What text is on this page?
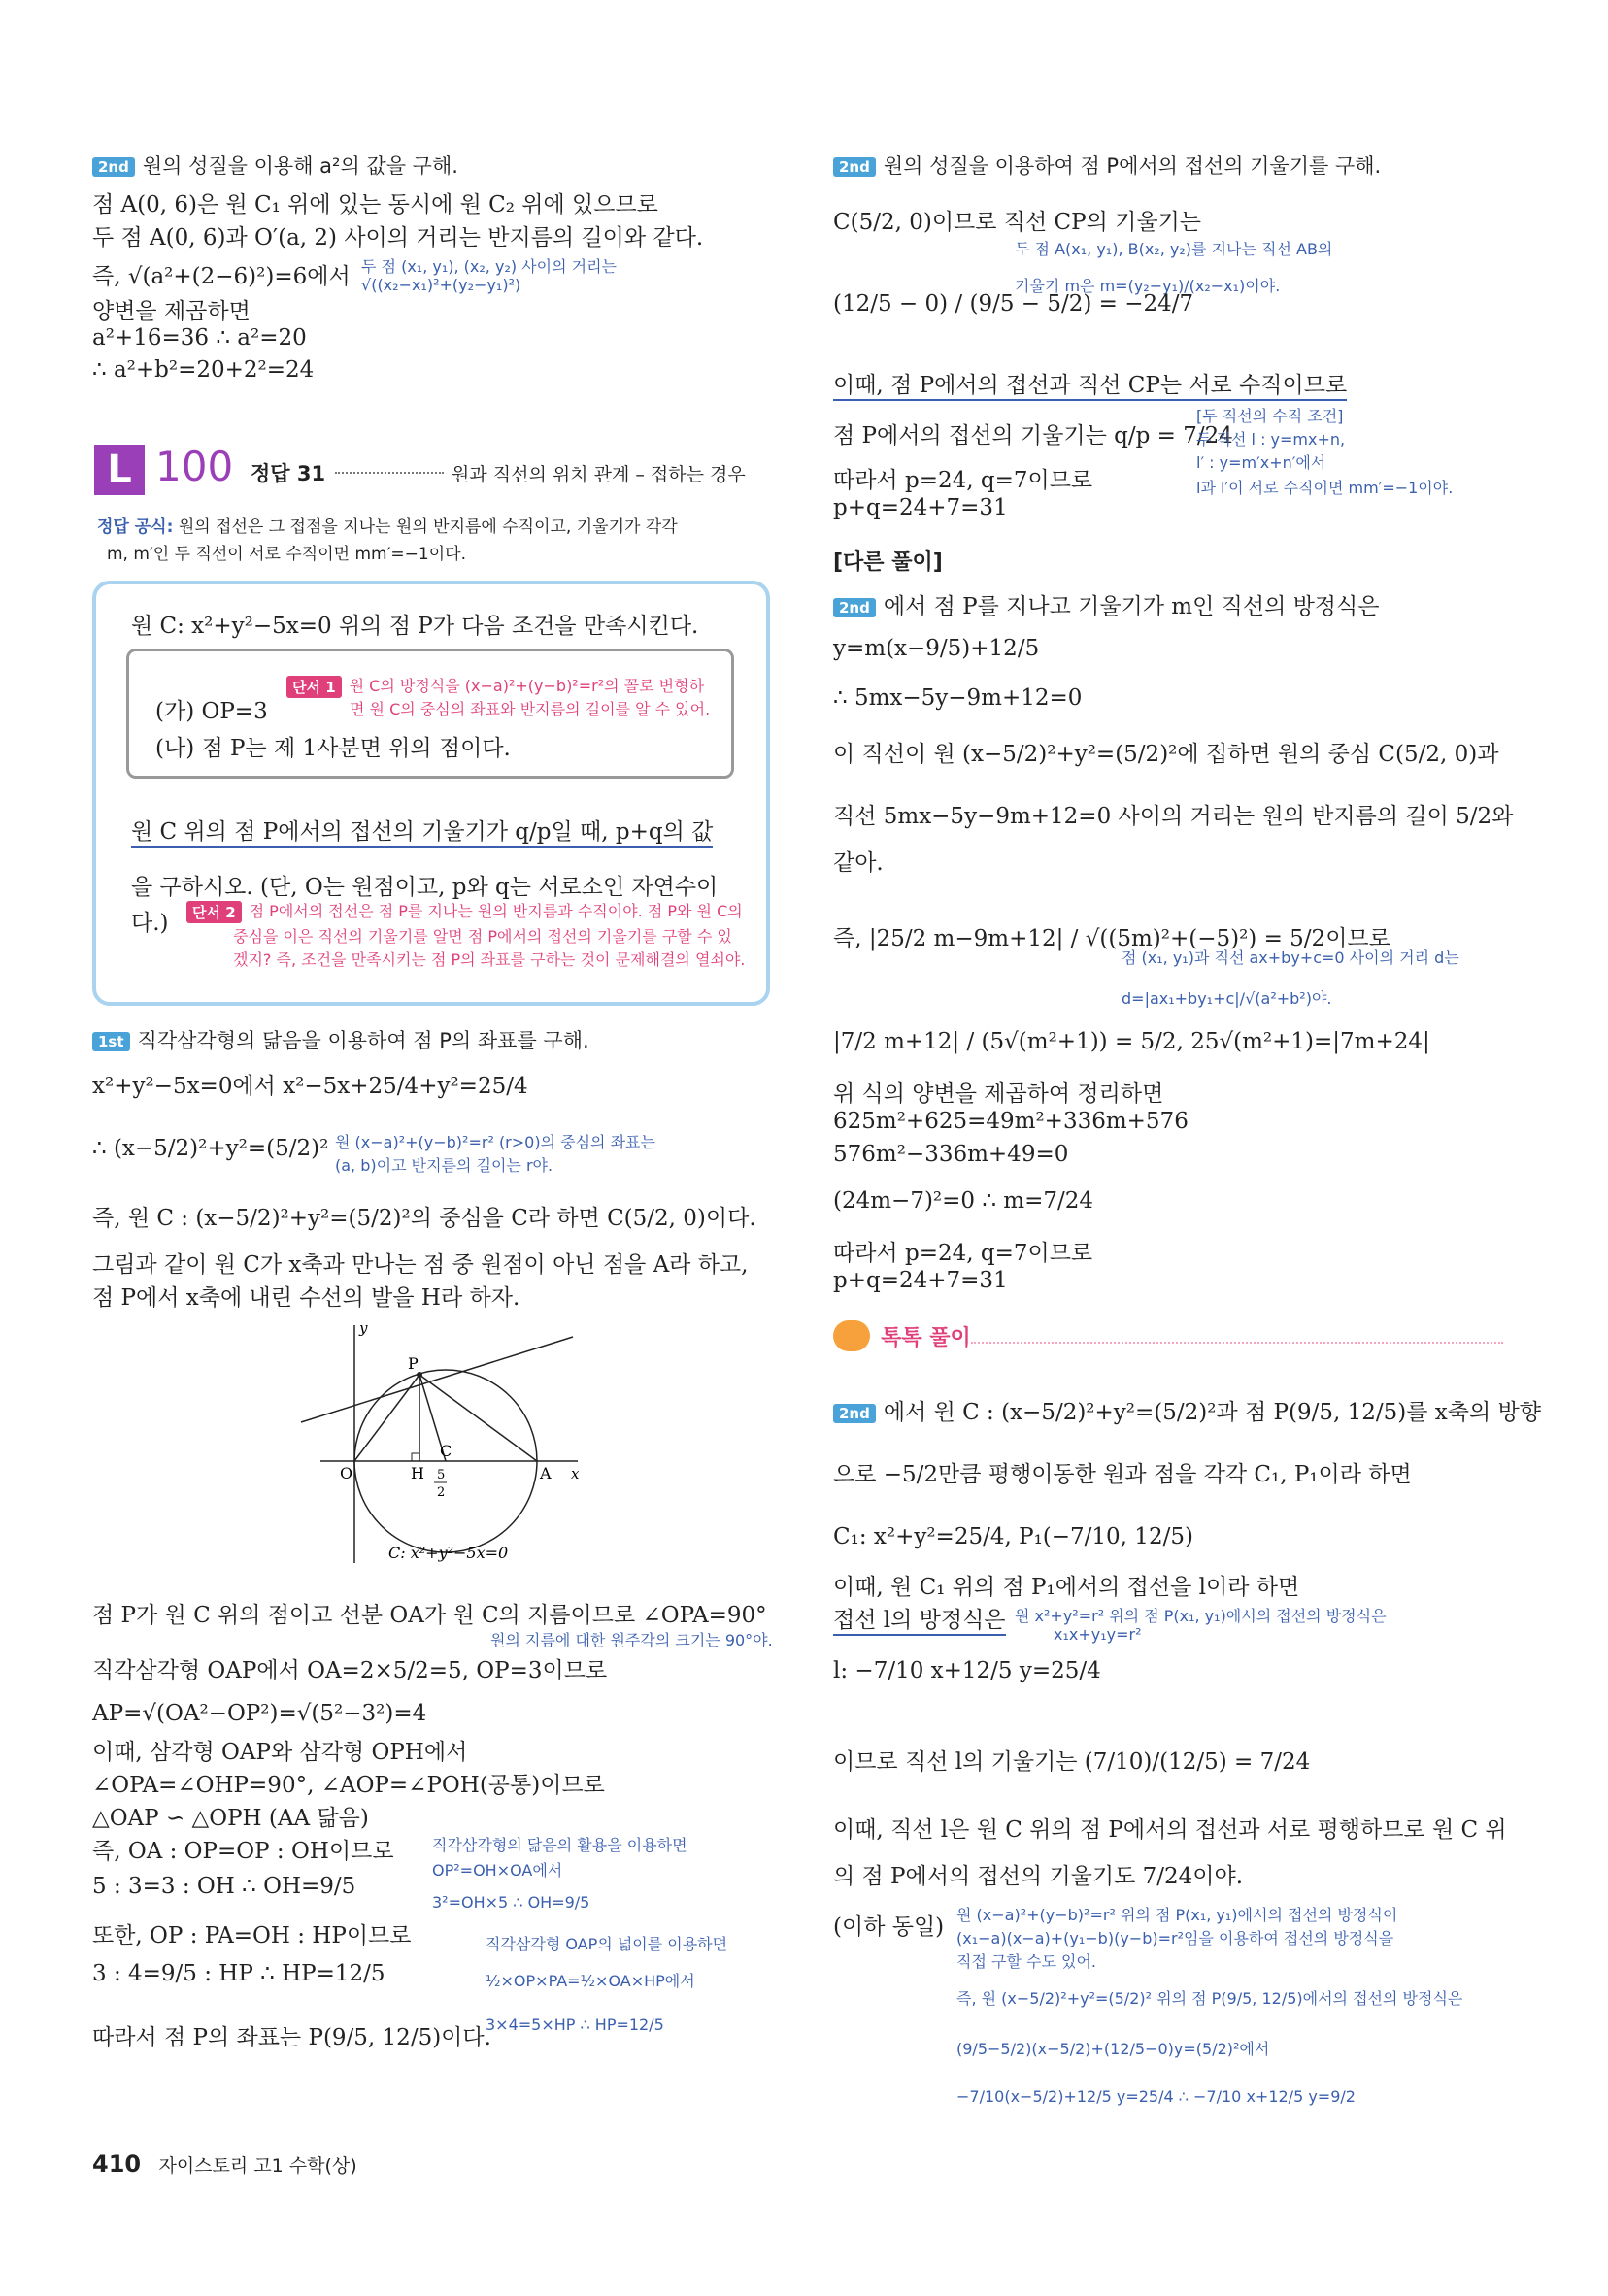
2nd 원의 성질을 이용해 a²의 값을 구해.
점 A(0, 6)은 원 C₁ 위에 있는 동시에 원 C₂ 위에 있으므로
두 점 A(0, 6)과 O′(a, 2) 사이의 거리는 반지름의 길이와 같다.
즉, √(a²+(2−6)²)=6에서 두 점 (x₁, y₁), (x₂, y₂) 사이의 거리는
√((x₂−x₁)²+(y₂−y₁)²)
양변을 제곱하면
a²+16=36 ∴ a²=20
∴ a²+b²=20+2²=24
L 100 정답 31	원과 직선의 위치 관계 – 접하는 경우
정답 공식: 원의 접선은 그 접점을 지나는 원의 반지름에 수직이고, 기울기가 각각
m, m′인 두 직선이 서로 수직이면 mm′=−1이다.
원 C: x²+y²−5x=0 위의 점 P가 다음 조건을 만족시킨다.
단서 1 원 C의 방정식을 (x−a)²+(y−b)²=r²의 꼴로 변형하
면 원 C의 중심의 좌표와 반지름의 길이를 알 수 있어.
(가) OP=3
(나) 점 P는 제 1사분면 위의 점이다.
원 C 위의 점 P에서의 접선의 기울기가 q/p일 때, p+q의 값
을 구하시오. (단, O는 원점이고, p와 q는 서로소인 자연수이
다.)	단서 2 점 P에서의 접선은 점 P를 지나는 원의 반지름과 수직이야. 점 P와 원 C의
중심을 이은 직선의 기울기를 알면 점 P에서의 접선의 기울기를 구할 수 있
겠지? 즉, 조건을 만족시키는 점 P의 좌표를 구하는 것이 문제해결의 열쇠야.
1st 직각삼각형의 닮음을 이용하여 점 P의 좌표를 구해.
x²+y²−5x=0에서 x²−5x+25/4+y²=25/4
∴ (x−5/2)²+y²=(5/2)² 원 (x−a)²+(y−b)²=r² (r>0)의 중심의 좌표는
(a, b)이고 반지름의 길이는 r야.
즉, 원 C : (x−5/2)²+y²=(5/2)²의 중심을 C라 하면 C(5/2, 0)이다.
그림과 같이 원 C가 x축과 만나는 점 중 원점이 아닌 점을 A라 하고,
점 P에서 x축에 내린 수선의 발을 H라 하자.
y
x
P
O	H
C
A
5
2
C: x²+y²−5x=0
점 P가 원 C 위의 점이고 선분 OA가 원 C의 지름이므로 ∠OPA=90°
원의 지름에 대한 원주각의 크기는 90°야.
직각삼각형 OAP에서 OA=2×5/2=5, OP=3이므로
AP=√(OA²−OP²)=√(5²−3²)=4
이때, 삼각형 OAP와 삼각형 OPH에서
∠OPA=∠OHP=90°, ∠AOP=∠POH(공통)이므로
△OAP ∽ △OPH (AA 닮음)
즉, OA : OP=OP : OH이므로 직각삼각형의 닮음의 활용을 이용하면
OP²=OH×OA에서
3²=OH×5 ∴ OH=9/5
5 : 3=3 : OH ∴ OH=9/5
또한, OP : PA=OH : HP이므로	직각삼각형 OAP의 넓이를 이용하면
½×OP×PA=½×OA×HP에서
3×4=5×HP ∴ HP=12/5
3 : 4=9/5 : HP ∴ HP=12/5
따라서 점 P의 좌표는 P(9/5, 12/5)이다.
410 자이스토리 고1 수학(상)
2nd 원의 성질을 이용하여 점 P에서의 접선의 기울기를 구해.
C(5/2, 0)이므로 직선 CP의 기울기는
두 점 A(x₁, y₁), B(x₂, y₂)를 지나는 직선 AB의
기울기 m은 m=(y₂−y₁)/(x₂−x₁)이야.
(12/5 − 0) / (9/5 − 5/2) = −24/7
이때, 점 P에서의 접선과 직선 CP는 서로 수직이므로
점 P에서의 접선의 기울기는 q/p = 7/24
[두 직선의 수직 조건]
두 직선 l : y=mx+n,
l′ : y=m′x+n′에서
l과 l′이 서로 수직이면 mm′=−1이야.
따라서 p=24, q=7이므로
p+q=24+7=31
[다른 풀이]
2nd 에서 점 P를 지나고 기울기가 m인 직선의 방정식은
y=m(x−9/5)+12/5
∴ 5mx−5y−9m+12=0
이 직선이 원 (x−5/2)²+y²=(5/2)²에 접하면 원의 중심 C(5/2, 0)과
직선 5mx−5y−9m+12=0 사이의 거리는 원의 반지름의 길이 5/2와
같아.
즉, |25/2 m−9m+12| / √((5m)²+(−5)²) = 5/2이므로
점 (x₁, y₁)과 직선 ax+by+c=0 사이의 거리 d는
d=|ax₁+by₁+c|/√(a²+b²)야.
|7/2 m+12| / (5√(m²+1)) = 5/2, 25√(m²+1)=|7m+24|
위 식의 양변을 제곱하여 정리하면
625m²+625=49m²+336m+576
576m²−336m+49=0
(24m−7)²=0 ∴ m=7/24
따라서 p=24, q=7이므로
p+q=24+7=31
톡톡 풀이
2nd 에서 원 C : (x−5/2)²+y²=(5/2)²과 점 P(9/5, 12/5)를 x축의 방향
으로 −5/2만큼 평행이동한 원과 점을 각각 C₁, P₁이라 하면
C₁: x²+y²=25/4, P₁(−7/10, 12/5)
이때, 원 C₁ 위의 점 P₁에서의 접선을 l이라 하면
접선 l의 방정식은 원 x²+y²=r² 위의 점 P(x₁, y₁)에서의 접선의 방정식은
x₁x+y₁y=r²
l: −7/10 x+12/5 y=25/4
이므로 직선 l의 기울기는 (7/10)/(12/5) = 7/24
이때, 직선 l은 원 C 위의 점 P에서의 접선과 서로 평행하므로 원 C 위
의 점 P에서의 접선의 기울기도 7/24이야.
(이하 동일) 원 (x−a)²+(y−b)²=r² 위의 점 P(x₁, y₁)에서의 접선의 방정식이
(x₁−a)(x−a)+(y₁−b)(y−b)=r²임을 이용하여 접선의 방정식을
직접 구할 수도 있어.
즉, 원 (x−5/2)²+y²=(5/2)² 위의 점 P(9/5, 12/5)에서의 접선의 방정식은
(9/5−5/2)(x−5/2)+(12/5−0)y=(5/2)²에서
−7/10(x−5/2)+12/5 y=25/4 ∴ −7/10 x+12/5 y=9/2
